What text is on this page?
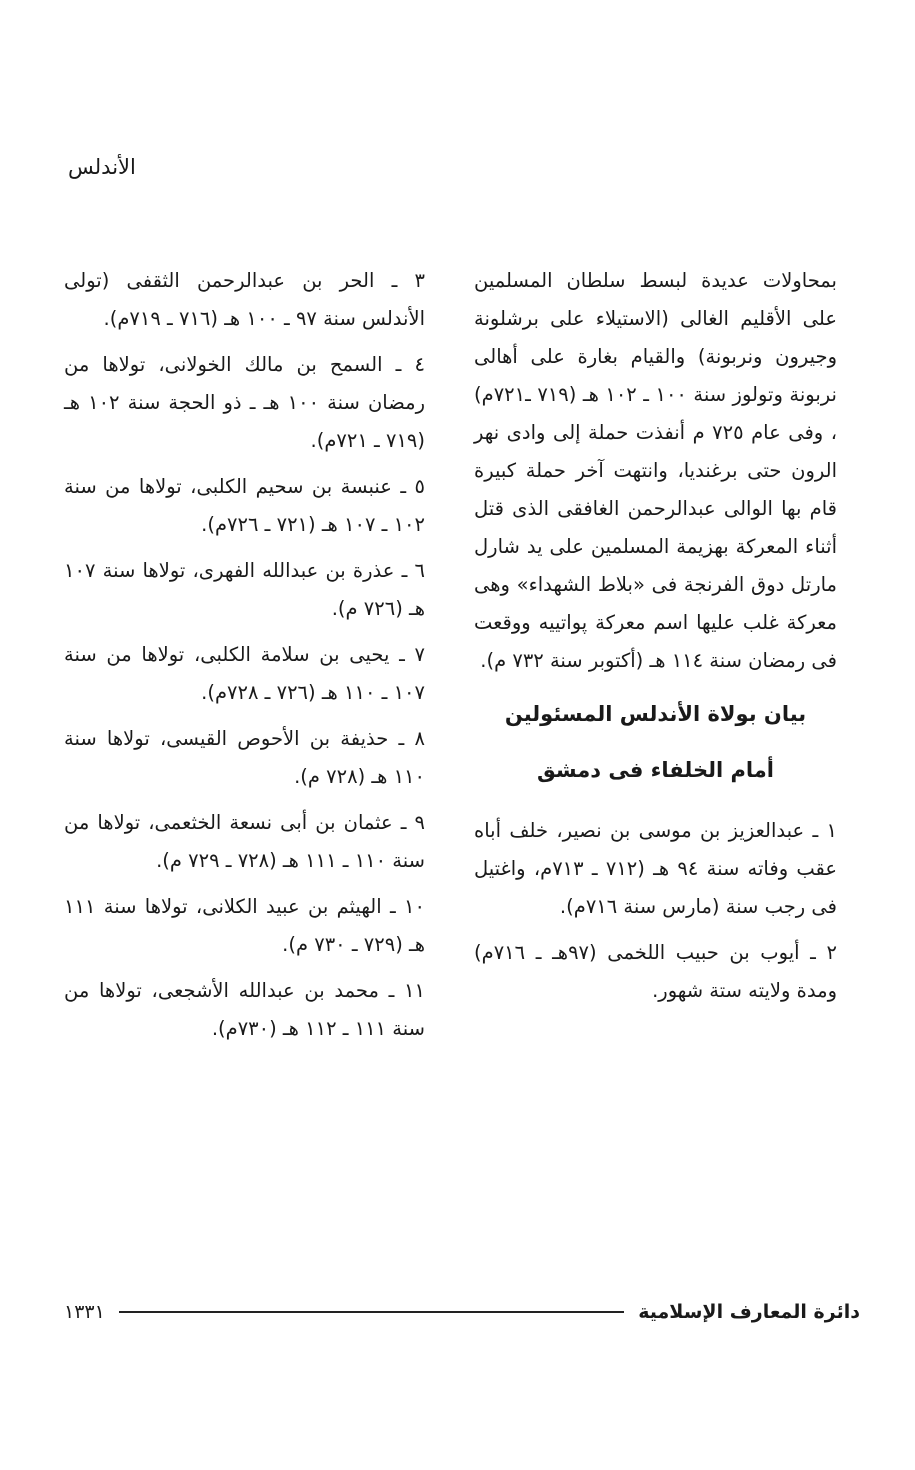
الأندلس

بمحاولات عديدة لبسط سلطان المسلمين على الأقليم الغالى (الاستيلاء على برشلونة وجيرون ونربونة) والقيام بغارة على أهالى نربونة وتولوز سنة ١٠٠ ـ ١٠٢ هـ (٧١٩ ـ٧٢١م) ، وفى عام ٧٢٥ م أنفذت حملة إلى وادى نهر الرون حتى برغنديا، وانتهت آخر حملة كبيرة قام بها الوالى عبدالرحمن الغافقى الذى قتل أثناء المعركة بهزيمة المسلمين على يد شارل مارتل دوق الفرنجة فى «بلاط الشهداء» وهى معركة غلب عليها اسم معركة پواتييه ووقعت فى رمضان سنة ١١٤ هـ (أكتوبر سنة ٧٣٢ م).

بيان بولاة الأندلس المسئولين

أمام الخلفاء فى دمشق

١ ـ عبدالعزيز بن موسى بن نصير، خلف أباه عقب وفاته سنة ٩٤ هـ (٧١٢ ـ ٧١٣م، واغتيل فى رجب سنة (مارس سنة ٧١٦م).

٢ ـ أيوب بن حبيب اللخمى (٩٧هـ ـ ٧١٦م) ومدة ولايته ستة شهور.

٣ ـ الحر بن عبدالرحمن الثقفى (تولى الأندلس سنة ٩٧ ـ ١٠٠ هـ (٧١٦ ـ ٧١٩م).

٤ ـ السمح بن مالك الخولانى، تولاها من رمضان سنة ١٠٠ هـ ـ ذو الحجة سنة ١٠٢ هـ (٧١٩ ـ ٧٢١م).

٥ ـ عنبسة بن سحيم الكلبى، تولاها من سنة ١٠٢ ـ ١٠٧ هـ (٧٢١ ـ ٧٢٦م).

٦ ـ عذرة بن عبدالله الفهرى، تولاها سنة ١٠٧ هـ (٧٢٦ م).

٧ ـ يحيى بن سلامة الكلبى، تولاها من سنة ١٠٧ ـ ١١٠ هـ (٧٢٦ ـ ٧٢٨م).

٨ ـ حذيفة بن الأحوص القيسى، تولاها سنة ١١٠ هـ (٧٢٨ م).

٩ ـ عثمان بن أبى نسعة الخثعمى، تولاها من سنة ١١٠ ـ ١١١ هـ (٧٢٨ ـ ٧٢٩ م).

١٠ ـ الهيثم بن عبيد الكلانى، تولاها سنة ١١١ هـ (٧٢٩ ـ ٧٣٠ م).

١١ ـ محمد بن عبدالله الأشجعى، تولاها من سنة ١١١ ـ ١١٢ هـ (٧٣٠م).

دائرة المعارف الإسلامية
١٣٣١
